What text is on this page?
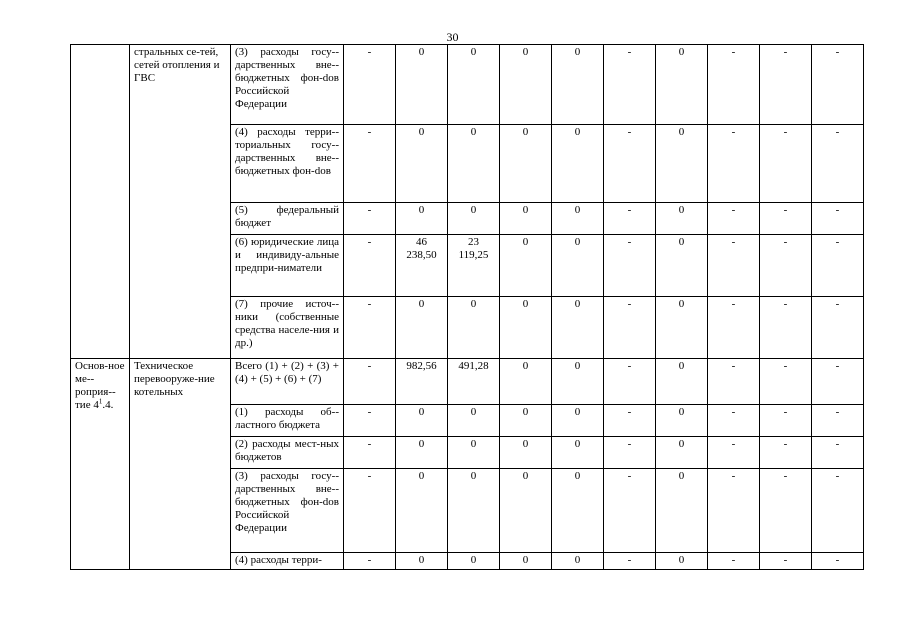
30
	стральных се-тей, сетей отопления и ГВС	(3) расходы госу-дарственных вне-бюджетных фон-dов Российской Федерации	-	0	0	0	0	-	0	-	-	-
		(4) расходы терри-ториальных госу-дарственных вне-бюджетных фон-dов	-	0	0	0	0	-	0	-	-	-
		(5) федеральный бюджет	-	0	0	0	0	-	0	-	-	-
		(6) юридические лица и индивиду-альные предпри-ниматели	-	46 238,50	23 119,25	0	0	-	0	-	-	-
		(7) прочие источ-ники (собственные средства населе-ния и др.)	-	0	0	0	0	-	0	-	-	-
Основ-ное ме-роприя-тие $4^1.4$.	Техническое перевооруже-ние котельных	Всего (1) + (2) + (3) + (4) + (5) + (6) + (7)	-	982,56	491,28	0	0	-	0	-	-	-
		(1) расходы об-ластного бюджета	-	0	0	0	0	-	0	-	-	-
		(2) расходы мест-ных бюджетов	-	0	0	0	0	-	0	-	-	-
		(3) расходы госу-дарственных вне-бюджетных фон-dов Российской Федерации	-	0	0	0	0	-	0	-	-	-
		(4) расходы терри-	-	0	0	0	0	-	0	-	-	-
